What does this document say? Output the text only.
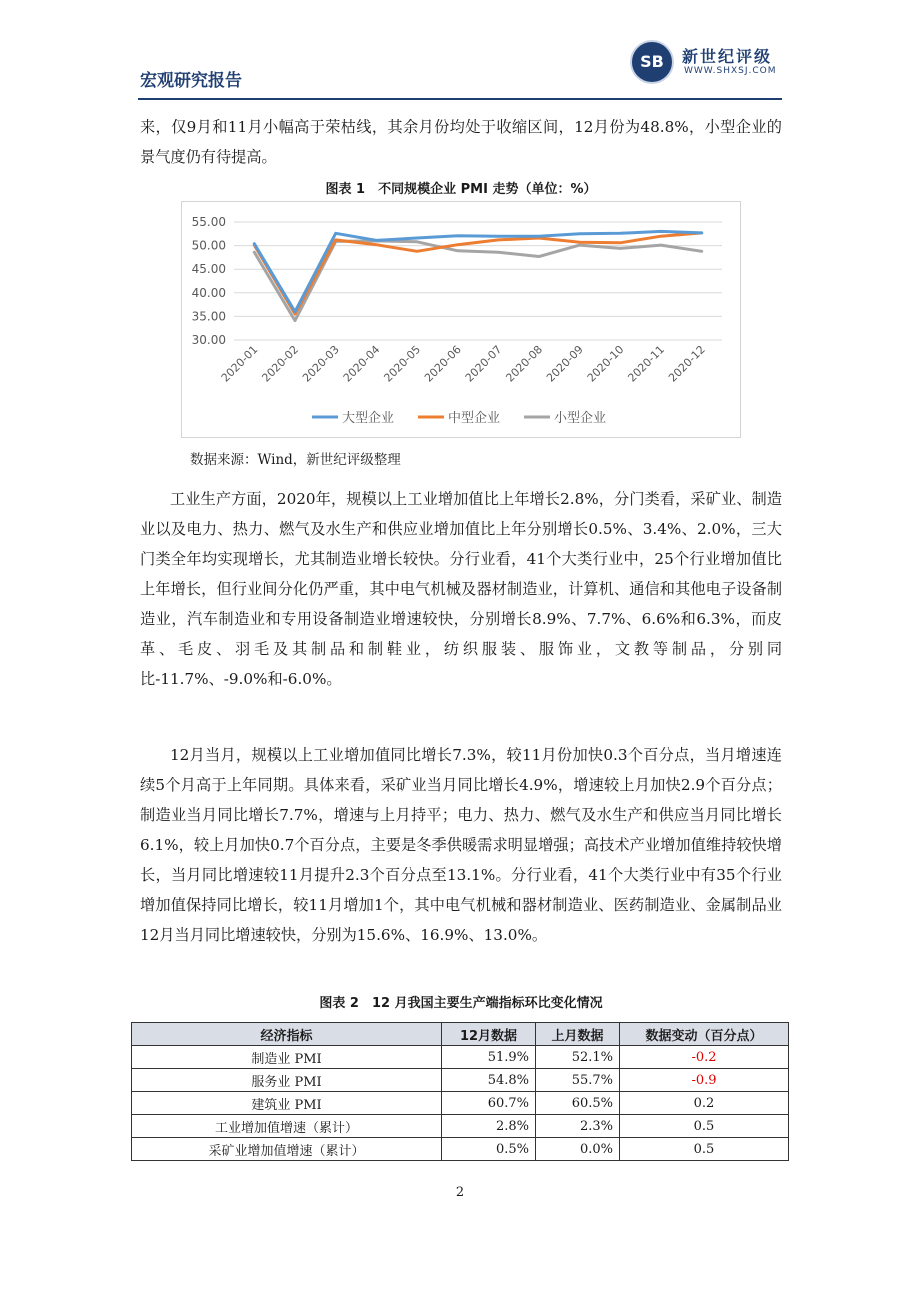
宏观研究报告
SB	新世纪评级
WWW.SHXSJ.COM
来，仅9月和11月小幅高于荣枯线，其余月份均处于收缩区间，12月份为48.8%，小型企业的景气度仍有待提高。
图表 1　不同规模企业 PMI 走势（单位：%）
30.00
35.00
40.00
45.00
50.00
55.00
2020-01
2020-02
2020-03
2020-04
2020-05
2020-06
2020-07
2020-08
2020-09
2020-10
2020-11
2020-12
大型企业	中型企业	小型企业
数据来源：Wind，新世纪评级整理
工业生产方面，2020年，规模以上工业增加值比上年增长2.8%，分门类看，采矿业、制造业以及电力、热力、燃气及水生产和供应业增加值比上年分别增长0.5%、3.4%、2.0%，三大门类全年均实现增长，尤其制造业增长较快。分行业看，41个大类行业中，25个行业增加值比上年增长，但行业间分化仍严重，其中电气机械及器材制造业，计算机、通信和其他电子设备制造业，汽车制造业和专用设备制造业增速较快，分别增长8.9%、7.7%、6.6%和6.3%，而皮革、毛皮、羽毛及其制品和制鞋业，纺织服装、服饰业，文教等制品，分别同比-11.7%、-9.0%和-6.0%。
12月当月，规模以上工业增加值同比增长7.3%，较11月份加快0.3个百分点，当月增速连续5个月高于上年同期。具体来看，采矿业当月同比增长4.9%，增速较上月加快2.9个百分点；制造业当月同比增长7.7%，增速与上月持平；电力、热力、燃气及水生产和供应当月同比增长6.1%，较上月加快0.7个百分点，主要是冬季供暖需求明显增强；高技术产业增加值维持较快增长，当月同比增速较11月提升2.3个百分点至13.1%。分行业看，41个大类行业中有35个行业增加值保持同比增长，较11月增加1个，其中电气机械和器材制造业、医药制造业、金属制品业12月当月同比增速较快，分别为15.6%、16.9%、13.0%。
图表 2　12 月我国主要生产端指标环比变化情况
经济指标	12月数据	上月数据	数据变动（百分点）
制造业 PMI	51.9%	52.1%	-0.2
服务业 PMI	54.8%	55.7%	-0.9
建筑业 PMI	60.7%	60.5%	0.2
工业增加值增速（累计）	2.8%	2.3%	0.5
采矿业增加值增速（累计）	0.5%	0.0%	0.5
2
